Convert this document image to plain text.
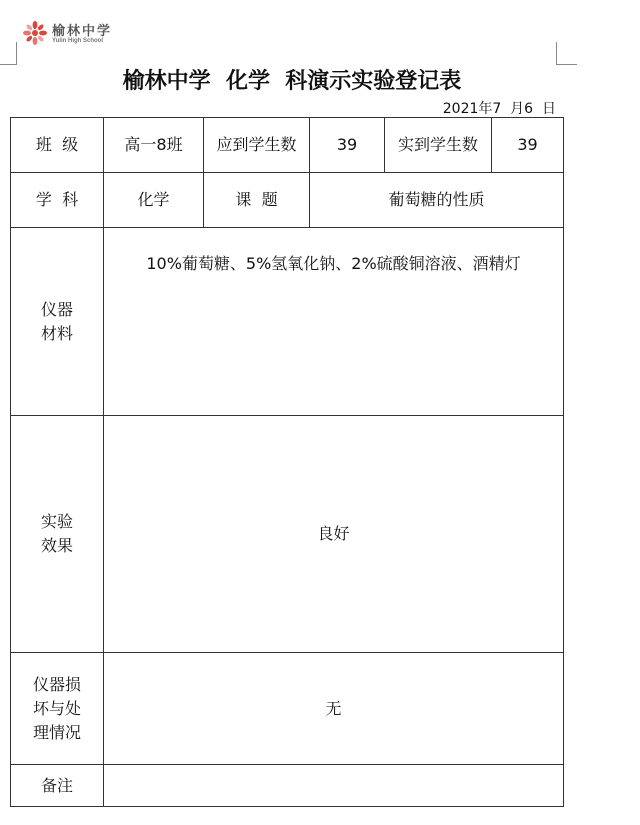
榆林中学
Yulin High School
榆林中学  化学  科演示实验登记表
2021年7  月6  日
班  级	高一8班	应到学生数	39	实到学生数	39
学  科	化学	课  题	葡萄糖的性质		
仪器
材料	10%葡萄糖、5%氢氧化钠、2%硫酸铜溶液、酒精灯				
实验
效果	良好				
仪器损
坏与处
理情况	无				
备注					
